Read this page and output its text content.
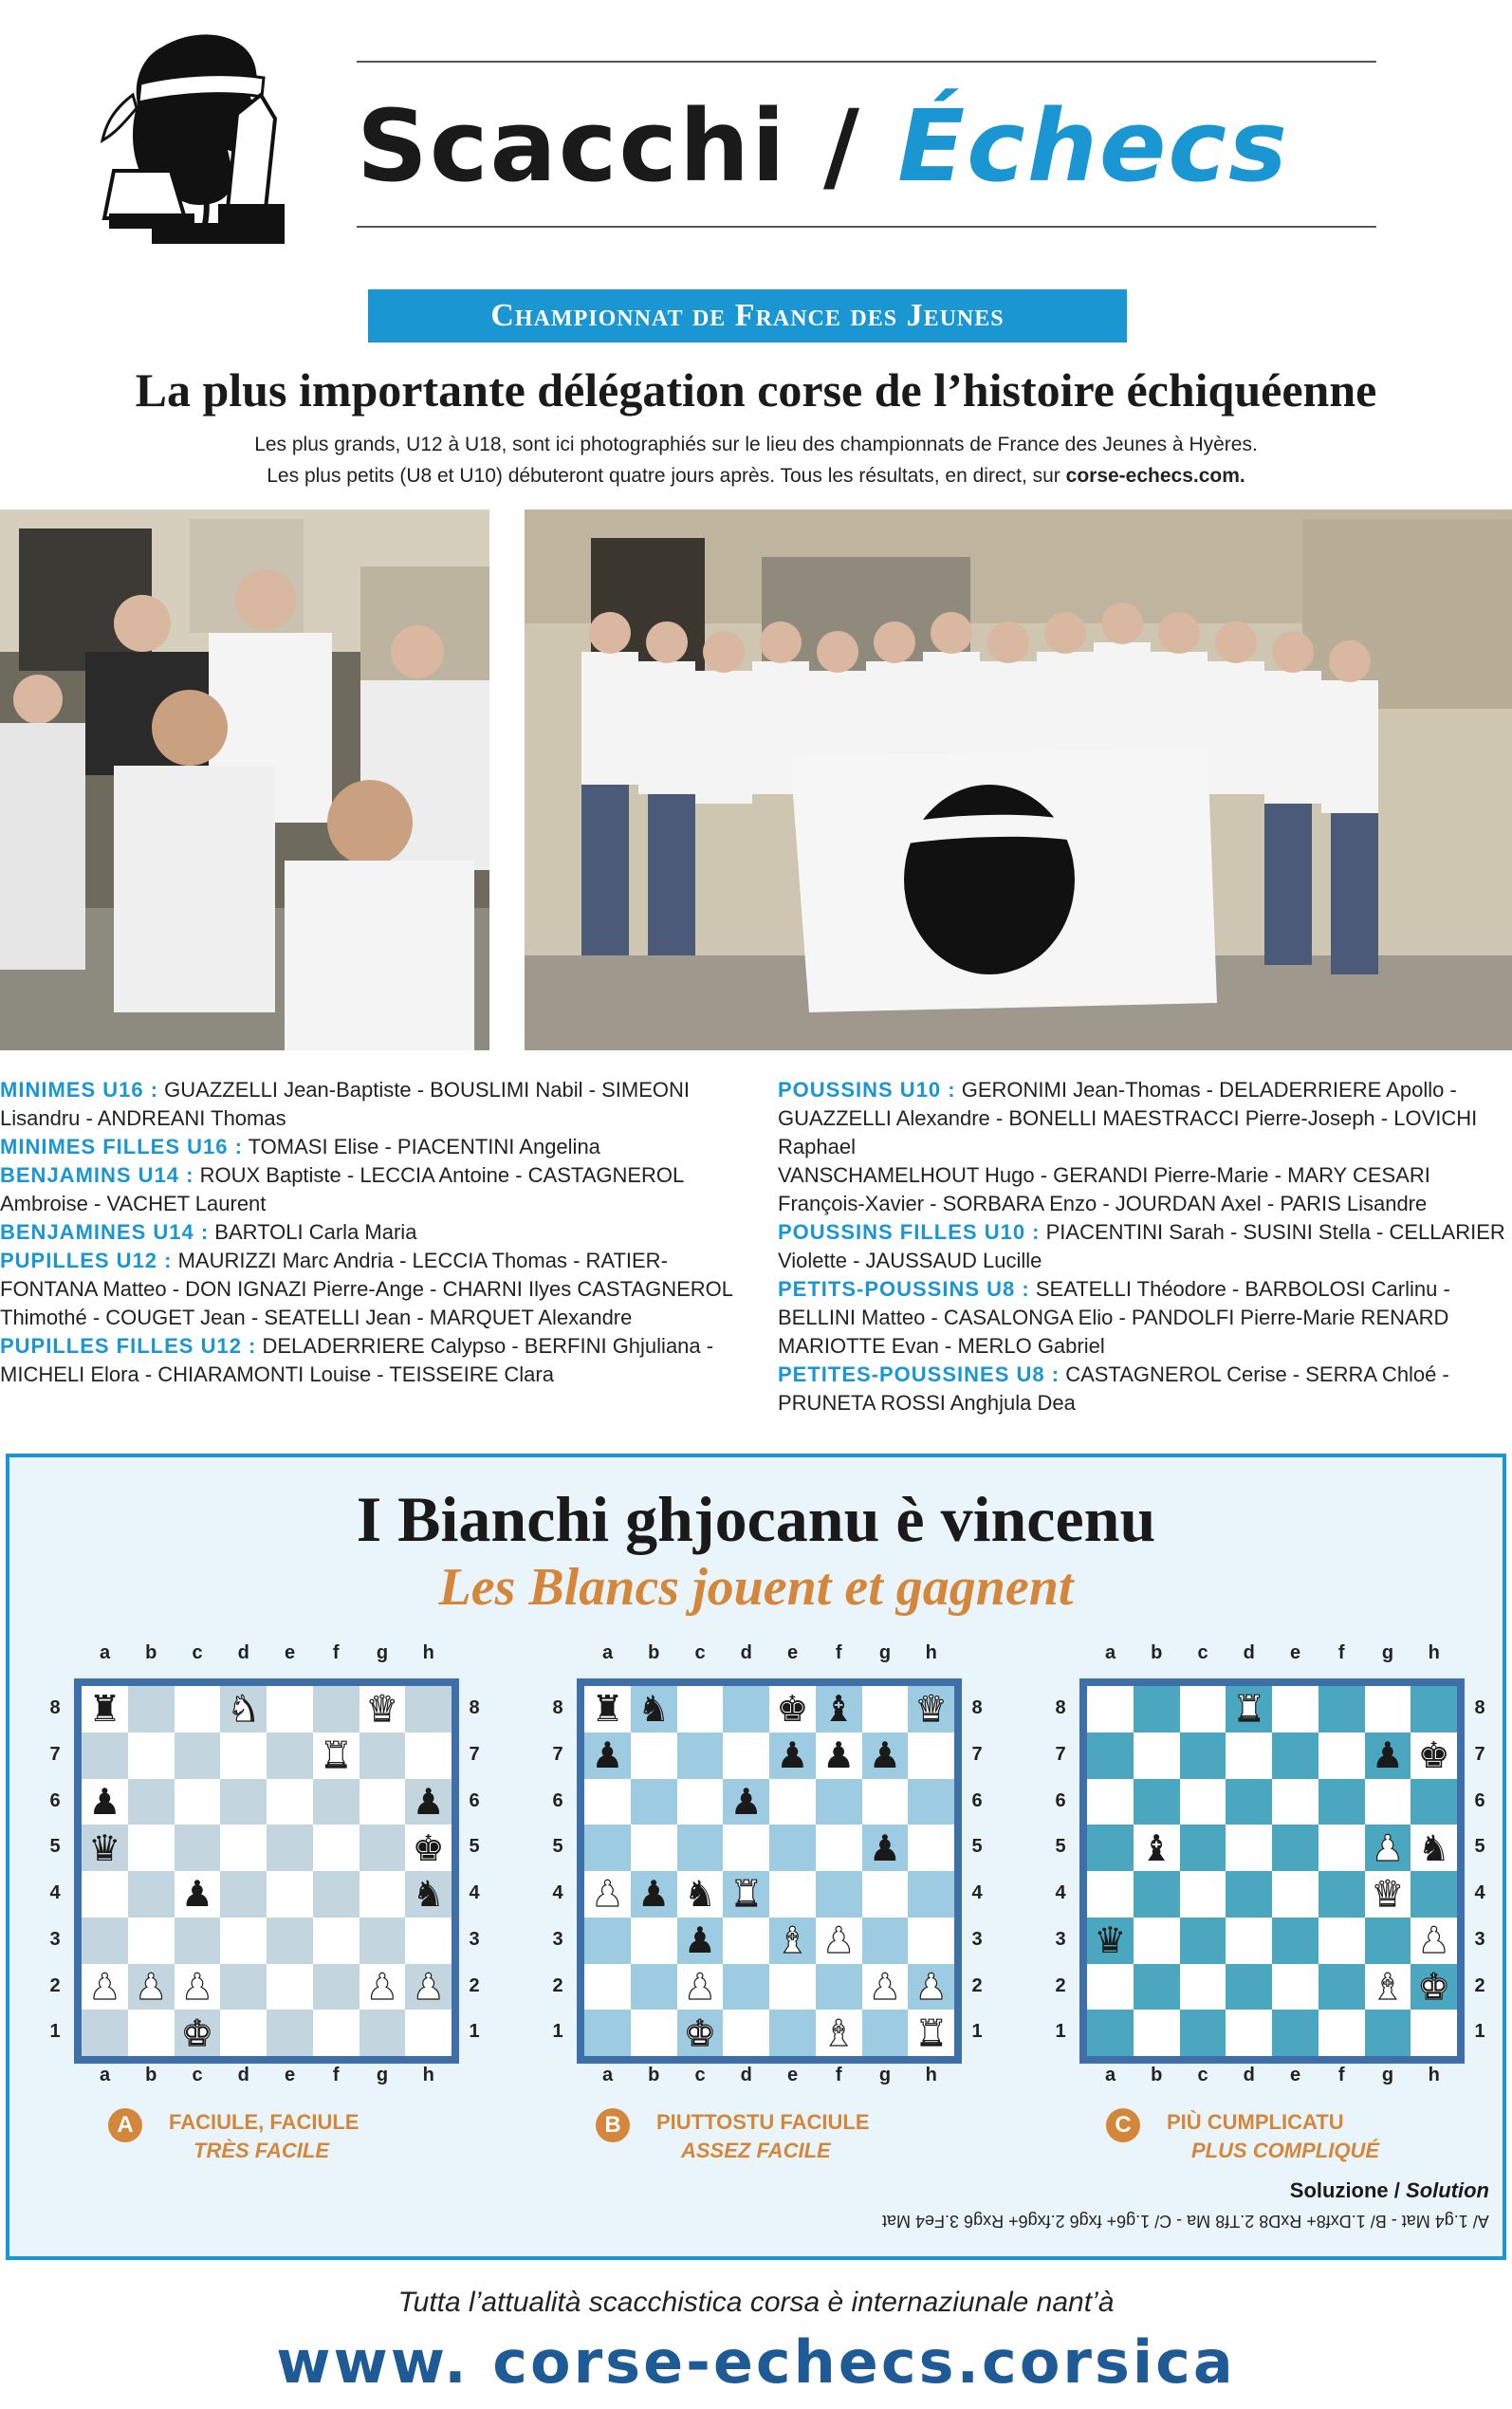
Scacchi / Échecs
Championnat de France des Jeunes
La plus importante délégation corse de l’histoire échiquéenne
Les plus grands, U12 à U18, sont ici photographiés sur le lieu des championnats de France des Jeunes à Hyères.
Les plus petits (U8 et U10) débuteront quatre jours après. Tous les résultats, en direct, sur corse-echecs.com.

MINIMES U16 : GUAZZELLI Jean-Baptiste - BOUSLIMI Nabil - SIMEONI Lisandru - ANDREANI Thomas

MINIMES FILLES U16 : TOMASI Elise - PIACENTINI Angelina

BENJAMINS U14 : ROUX Baptiste - LECCIA Antoine - CASTAGNEROL Ambroise - VACHET Laurent

BENJAMINES U14 : BARTOLI Carla Maria

PUPILLES U12 : MAURIZZI Marc Andria - LECCIA Thomas - RATIER-FONTANA Matteo - DON IGNAZI Pierre-Ange - CHARNI Ilyes CASTAGNEROL Thimothé - COUGET Jean - SEATELLI Jean - MARQUET Alexandre

PUPILLES FILLES U12 : DELADERRIERE Calypso - BERFINI Ghjuliana - MICHELI Elora - CHIARAMONTI Louise - TEISSEIRE Clara

POUSSINS U10 : GERONIMI Jean-Thomas - DELADERRIERE Apollo - GUAZZELLI Alexandre - BONELLI MAESTRACCI Pierre-Joseph - LOVICHI Raphael

VANSCHAMELHOUT Hugo - GERANDI Pierre-Marie - MARY CESARI François-Xavier - SORBARA Enzo - JOURDAN Axel - PARIS Lisandre

POUSSINS FILLES U10 : PIACENTINI Sarah - SUSINI Stella - CELLARIER Violette - JAUSSAUD Lucille

PETITS-POUSSINS U8 : SEATELLI Théodore - BARBOLOSI Carlinu - BELLINI Matteo - CASALONGA Elio - PANDOLFI Pierre-Marie RENARD MARIOTTE Evan - MERLO Gabriel

PETITES-POUSSINES U8 : CASTAGNEROL Cerise - SERRA Chloé - PRUNETA ROSSI Anghjula Dea

I Bianchi ghjocanu è vincenu
Les Blancs jouent et gagnent
a	b	c	d	e	f	g	h
a	b	c	d	e	f	g	h
8
7
6
5
4
3
2
1
8
7
6
5
4
3
2
1
♜	♞	♛
♜
♟	♟
♛	♚
♟	♞
♟ ♟ ♟	♟ ♟
♚
a	b	c	d	e	f	g	h
a	b	c	d	e	f	g	h
8
7
6
5
4
3
2
1
8
7
6
5
4
3
2
1
♜ ♞	♚ ♝ ♛
♟	♟ ♟ ♟
♟
♟
♟ ♟ ♞ ♜
♟ ♝ ♟
♟	♟ ♟
♚	♝ ♜
a	b	c	d	e	f	g	h
a	b	c	d	e	f	g	h
8
7
6
5
4
3
2
1
8
7
6
5
4
3
2
1
♜
♟ ♚
♝	♟ ♞
♛
♛	♟
♝ ♚
A	FACIULE, FACIULE
TRÈS FACILE
B	PIUTTOSTU FACIULE
ASSEZ FACILE
C	PIÙ CUMPLICATU
PLUS COMPLIQUÉ
Soluzione / Solution
A/ 1.g4 Mat - B/ 1.Dxf8+ RxD8 2.Tf8 Ma - C/ 1.g6+ fxg6 2.fxg6+ Rxg6 3.Fe4 Mat
Tutta l’attualità scacchistica corsa è internaziunale nant’à
www. corse-echecs.corsica
